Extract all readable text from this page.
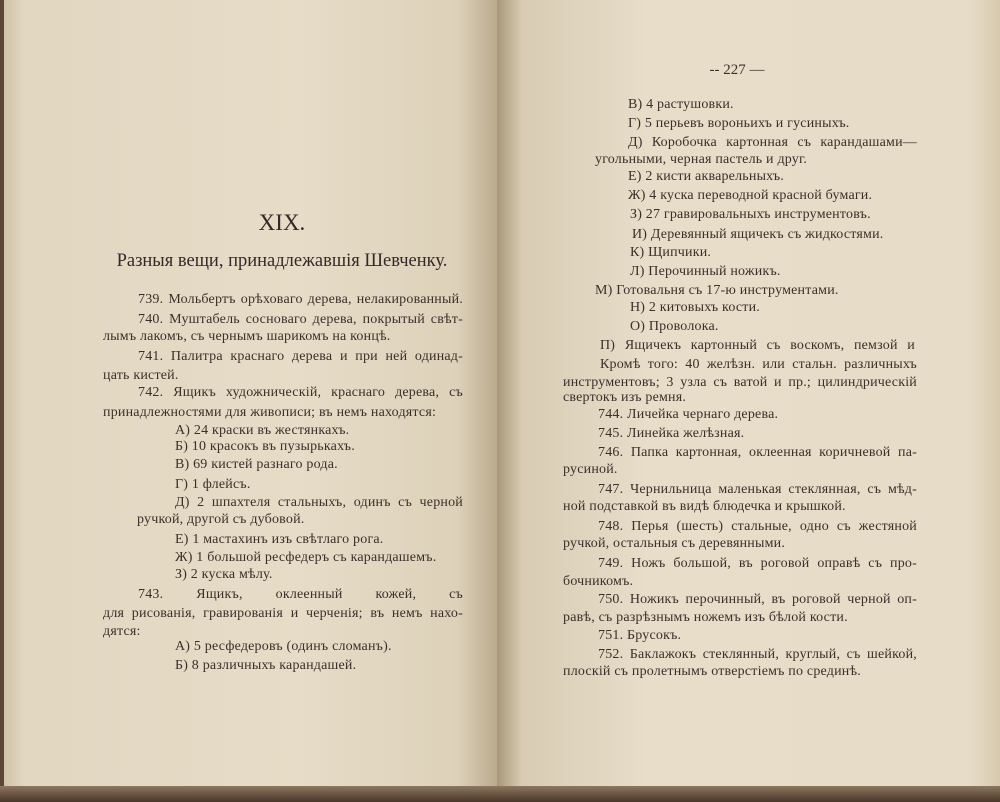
XIX.
Разныя вещи, принадлежавшія Шевченку.
-- 227 —
739. Мольбертъ орѣховаго дерева, нелакированный.
740. Муштабель сосноваго дерева, покрытый свѣт-
лымъ лакомъ, съ чернымъ шарикомъ на концѣ.
741. Палитра краснаго дерева и при ней одинад-
цать кистей.
742. Ящикъ художническій, краснаго дерева, съ
принадлежностями для живописи; въ немъ находятся:
А) 24 краски въ жестянкахъ.
Б) 10 красокъ въ пузырькахъ.
В) 69 кистей разнаго рода.
Г) 1 флейсъ.
Д) 2 шпахтеля стальныхъ, одинъ съ черной
ручкой, другой съ дубовой.
Е) 1 мастахинъ изъ свѣтлаго рога.
Ж) 1 большой ресфедеръ съ карандашемъ.
З) 2 куска мѣлу.
743. Ящикъ, оклеенный кожей, съ
для рисованія, гравированія и черченія; въ немъ нахо-
дятся:
А) 5 ресфедеровъ (одинъ сломанъ).
Б) 8 различныхъ карандашей.
В) 4 растушовки.
Г) 5 перьевъ вороньихъ и гусиныхъ.
Д) Коробочка картонная съ карандашами—
угольными, черная пастель и друг.
Е) 2 кисти акварельныхъ.
Ж) 4 куска переводной красной бумаги.
З) 27 гравировальныхъ инструментовъ.
И) Деревянный ящичекъ съ жидкостями.
К) Щипчики.
Л) Перочинный ножикъ.
М) Готовальня съ 17-ю инструментами.
Н) 2 китовыхъ кости.
О) Проволока.
П) Ящичекъ картонный съ воскомъ, пемзой и
Кромѣ того: 40 желѣзн. или стальн. различныхъ
инструментовъ; 3 узла съ ватой и пр.; цилиндрическій
свертокъ изъ ремня.
744. Личейка чернаго дерева.
745. Линейка желѣзная.
746. Папка картонная, оклеенная коричневой па-
русиной.
747. Чернильница маленькая стеклянная, съ мѣд-
ной подставкой въ видѣ блюдечка и крышкой.
748. Перья (шесть) стальные, одно съ жестяной
ручкой, остальныя съ деревянными.
749. Ножъ большой, въ роговой оправѣ съ про-
бочникомъ.
750. Ножикъ перочинный, въ роговой черной оп-
равѣ, съ разрѣзнымъ ножемъ изъ бѣлой кости.
751. Брусокъ.
752. Баклажокъ стеклянный, круглый, съ шейкой,
плоскій съ пролетнымъ отверстіемъ по срединѣ.
